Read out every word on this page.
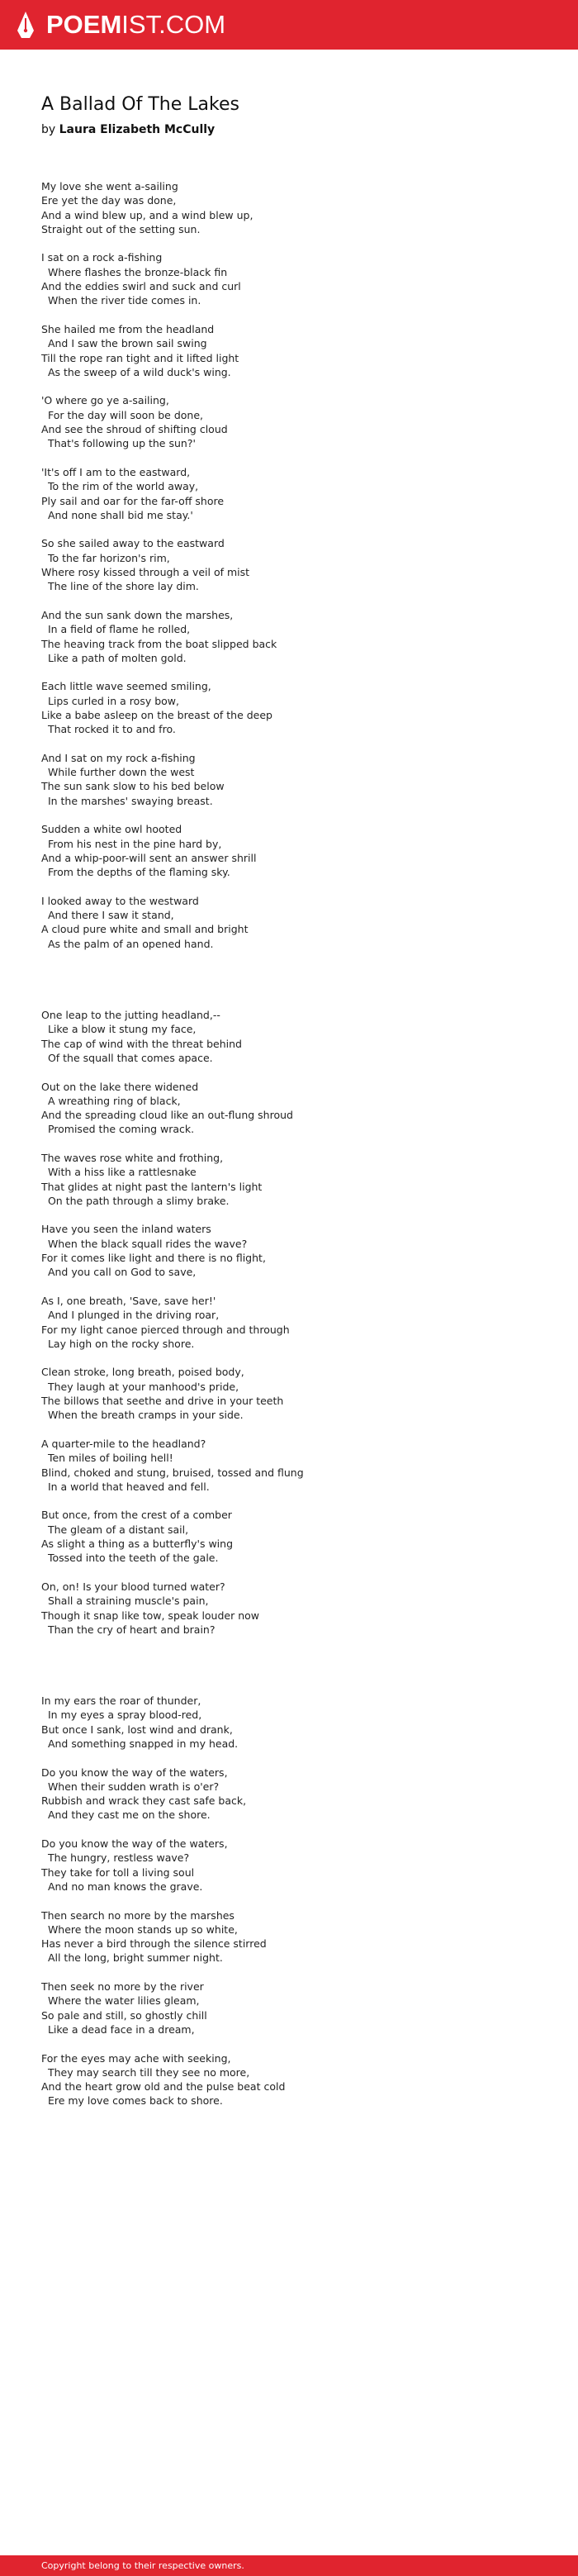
POEMIST.COM
A Ballad Of The Lakes
by Laura Elizabeth McCully
My love she went a-sailing
Ere yet the day was done,
And a wind blew up, and a wind blew up,
Straight out of the setting sun.
I sat on a rock a-fishing
Where flashes the bronze-black fin
And the eddies swirl and suck and curl
When the river tide comes in.
She hailed me from the headland
And I saw the brown sail swing
Till the rope ran tight and it lifted light
As the sweep of a wild duck's wing.
'O where go ye a-sailing,
For the day will soon be done,
And see the shroud of shifting cloud
That's following up the sun?'
'It's off I am to the eastward,
To the rim of the world away,
Ply sail and oar for the far-off shore
And none shall bid me stay.'
So she sailed away to the eastward
To the far horizon's rim,
Where rosy kissed through a veil of mist
The line of the shore lay dim.
And the sun sank down the marshes,
In a field of flame he rolled,
The heaving track from the boat slipped back
Like a path of molten gold.
Each little wave seemed smiling,
Lips curled in a rosy bow,
Like a babe asleep on the breast of the deep
That rocked it to and fro.
And I sat on my rock a-fishing
While further down the west
The sun sank slow to his bed below
In the marshes' swaying breast.
Sudden a white owl hooted
From his nest in the pine hard by,
And a whip-poor-will sent an answer shrill
From the depths of the flaming sky.
I looked away to the westward
And there I saw it stand,
A cloud pure white and small and bright
As the palm of an opened hand.
One leap to the jutting headland,--
Like a blow it stung my face,
The cap of wind with the threat behind
Of the squall that comes apace.
Out on the lake there widened
A wreathing ring of black,
And the spreading cloud like an out-flung shroud
Promised the coming wrack.
The waves rose white and frothing,
With a hiss like a rattlesnake
That glides at night past the lantern's light
On the path through a slimy brake.
Have you seen the inland waters
When the black squall rides the wave?
For it comes like light and there is no flight,
And you call on God to save,
As I, one breath, 'Save, save her!'
And I plunged in the driving roar,
For my light canoe pierced through and through
Lay high on the rocky shore.
Clean stroke, long breath, poised body,
They laugh at your manhood's pride,
The billows that seethe and drive in your teeth
When the breath cramps in your side.
A quarter-mile to the headland?
Ten miles of boiling hell!
Blind, choked and stung, bruised, tossed and flung
In a world that heaved and fell.
But once, from the crest of a comber
The gleam of a distant sail,
As slight a thing as a butterfly's wing
Tossed into the teeth of the gale.
On, on! Is your blood turned water?
Shall a straining muscle's pain,
Though it snap like tow, speak louder now
Than the cry of heart and brain?
In my ears the roar of thunder,
In my eyes a spray blood-red,
But once I sank, lost wind and drank,
And something snapped in my head.
Do you know the way of the waters,
When their sudden wrath is o'er?
Rubbish and wrack they cast safe back,
And they cast me on the shore.
Do you know the way of the waters,
The hungry, restless wave?
They take for toll a living soul
And no man knows the grave.
Then search no more by the marshes
Where the moon stands up so white,
Has never a bird through the silence stirred
All the long, bright summer night.
Then seek no more by the river
Where the water lilies gleam,
So pale and still, so ghostly chill
Like a dead face in a dream,
For the eyes may ache with seeking,
They may search till they see no more,
And the heart grow old and the pulse beat cold
Ere my love comes back to shore.
Copyright belong to their respective owners.
